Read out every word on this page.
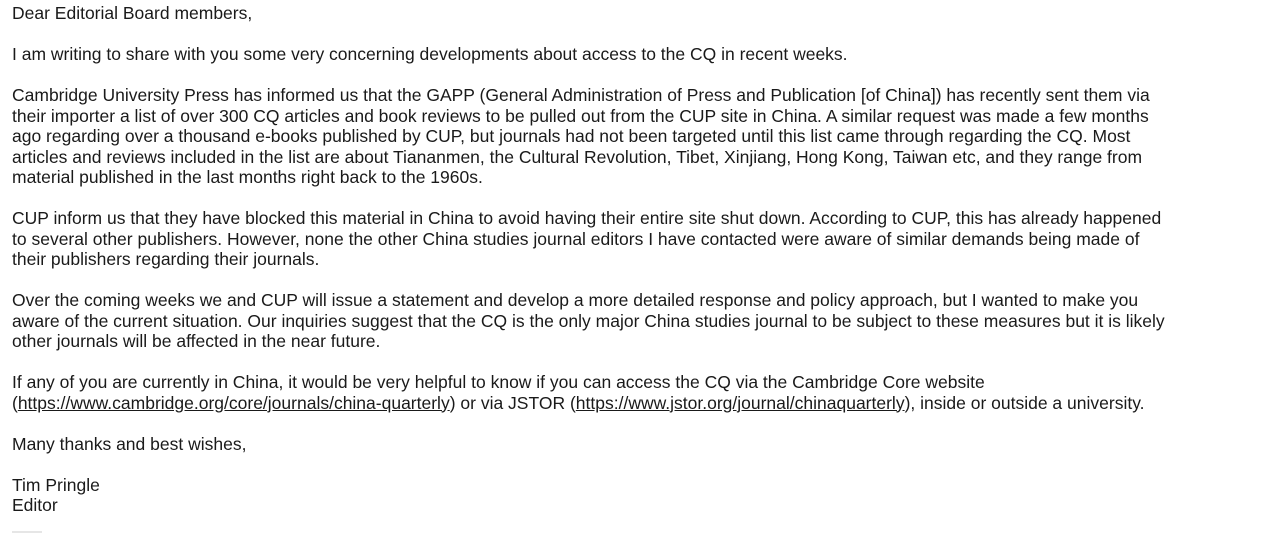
Dear Editorial Board members,

I am writing to share with you some very concerning developments about access to the CQ in recent weeks.

Cambridge University Press has informed us that the GAPP (General Administration of Press and Publication [of China]) has recently sent them via
their importer a list of over 300 CQ articles and book reviews to be pulled out from the CUP site in China. A similar request was made a few months
ago regarding over a thousand e-books published by CUP, but journals had not been targeted until this list came through regarding the CQ. Most
articles and reviews included in the list are about Tiananmen, the Cultural Revolution, Tibet, Xinjiang, Hong Kong, Taiwan etc, and they range from
material published in the last months right back to the 1960s.

CUP inform us that they have blocked this material in China to avoid having their entire site shut down. According to CUP, this has already happened
to several other publishers. However, none the other China studies journal editors I have contacted were aware of similar demands being made of
their publishers regarding their journals.

Over the coming weeks we and CUP will issue a statement and develop a more detailed response and policy approach, but I wanted to make you
aware of the current situation. Our inquiries suggest that the CQ is the only major China studies journal to be subject to these measures but it is likely
other journals will be affected in the near future.

If any of you are currently in China, it would be very helpful to know if you can access the CQ via the Cambridge Core website
(https://www.cambridge.org/core/journals/china-quarterly) or via JSTOR (https://www.jstor.org/journal/chinaquarterly), inside or outside a university.

Many thanks and best wishes,

Tim Pringle
Editor
